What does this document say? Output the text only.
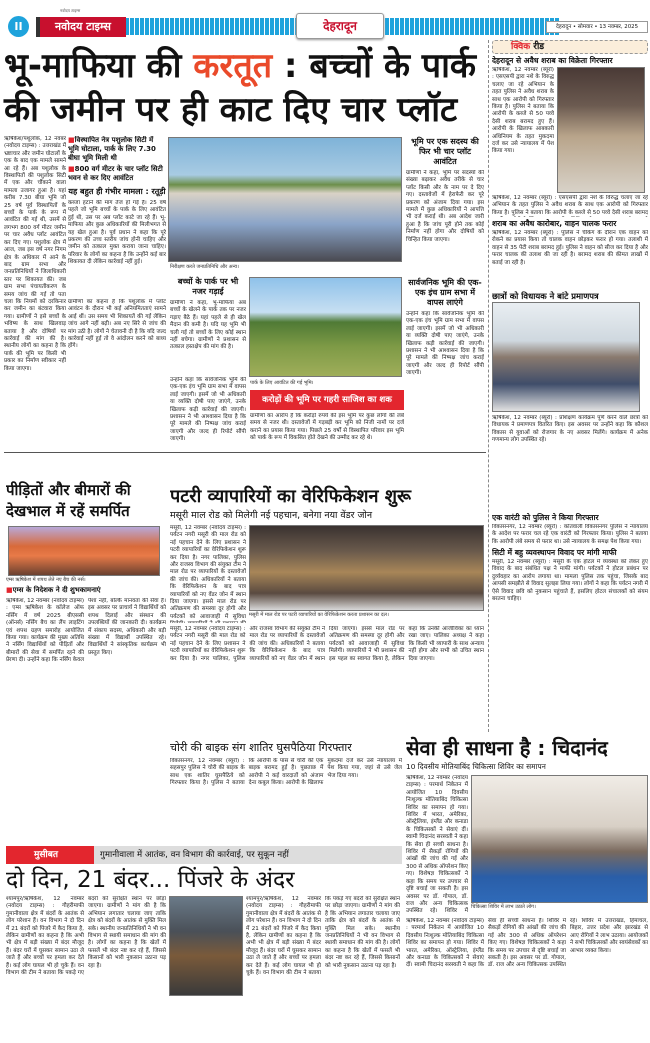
II
नवोदय टाइम्स
नवोदय टाइम्स	देहरादून	देहरादून • सोमवार • 13 नवम्बर, 2025
भू-माफिया की करतूत : बच्चों के पार्क
की जमीन पर ही काट दिए चार प्लॉट
ऋषिकेश/पशुलोक, 12 नवंबर (नवोदय टाइम्स) : उत्तराखंड में भ्रष्टाचार और जमीन घोटालों के एक के बाद एक मामले सामने आ रहे हैं। अब पशुलोक के विस्थापितों की पशुलोक सिटी में एक और चौंकाने वाला मामला उजागर हुआ है। यहां करीब 7.30 बीघा भूमि जो 25 वर्ष पूर्व विस्थापितों के बच्चों के पार्क के रूप में आवंटित की गई थी, उसमें से लगभग 800 वर्ग मीटर जमीन पर चार अवैध प्लॉट आवंटित कर दिए गए। पशुलोक क्षेत्र में आज, जब इस वर्ष नगर निगम क्षेत्र के अधिकार में आने के बाद ग्राम सभा और जनप्रतिनिधियों ने जिलाधिकारी स्तर पर शिकायत की। जब ग्राम सभा पंचायतीकरण के समय जांच की गई तो पता चला कि नियमों को दरकिनार कर जमीन का बंटवारा किया गया। ग्रामीणों ने इसे बच्चों के भविष्य के साथ खिलवाड़ बताया है और दोषियों पर कार्रवाई की मांग की है। स्थानीय लोगों का कहना है कि पार्क की भूमि पर किसी भी प्रकार का निर्माण स्वीकार नहीं किया जाएगा।
■विस्थापित नेत्र पशुलोक सिटी में भूमि घोटाला, पार्क के लिए 7.30 बीघा भूमि मिली थी
■800 वर्ग मीटर के चार प्लॉट सिटी भवन से कर दिए आवंटित
यह बहुत ही गंभीर मामला : रतूड़ी
कब्जा हटाने की मांग तेज हो गई है। 25 वर्ष पहले जो भूमि बच्चों के पार्क के लिए आवंटित हुई थी, उस पर अब प्लॉट काटे जा रहे हैं। भू-माफिया और कुछ अधिकारियों की मिलीभगत से यह खेल हुआ है। पूर्व प्रधान ने कहा कि पूरे प्रकरण की उच्च स्तरीय जांच होनी चाहिए और जमीन को तत्काल मुक्त कराया जाना चाहिए। परिवार के लोगों का कहना है कि उन्होंने कई बार शिकायत दी लेकिन कार्रवाई नहीं हुई।
ग्रामीणों का कहना है कि पशुलोक में प्लॉट आवंटन के दौरान भी कई अनियमितताएं सामने आई थीं। उस समय भी शिकायतें की गईं लेकिन जांच आगे नहीं बढ़ी। अब नए सिरे से जांच की मांग उठी है। लोगों ने चेतावनी दी है कि यदि जल्द कार्रवाई नहीं हुई तो वे आंदोलन करने को बाध्य होंगे।
निरीक्षण करते जनप्रतिनिधि और अन्य।
बच्चों के पार्क पर भी नजर गड़ाई
ग्रामीणों ने कहा, भू-माफिया अब बच्चों के खेलने के पार्क तक पर नजर गड़ाए बैठे हैं। यहां पहले से ही खेल मैदान की कमी है। यदि यह भूमि भी चली गई तो बच्चों के लिए कोई स्थान नहीं बचेगा। ग्रामीणों ने प्रशासन से तत्काल हस्तक्षेप की मांग की है।
उन्होंने कहा कि सार्वजनिक भूमि की एक-एक इंच भूमि ग्राम सभा में वापस लाई जाएगी। इसमें जो भी अधिकारी या व्यक्ति दोषी पाए जाएंगे, उनके खिलाफ कड़ी कार्रवाई की जाएगी। प्रशासन ने भी आश्वासन दिया है कि पूरे मामले की निष्पक्ष जांच कराई जाएगी और जल्द ही रिपोर्ट सौंपी जाएगी।
पार्क के लिए आवंटित की गई भूमि।
करोड़ों की भूमि पर गहरी साजिश का शक
ग्रामीणों का आरोप है कि करोड़ों रुपये की इस भूमि पर कुछ लोगों की लंबे समय से नजर थी। दस्तावेजों में गड़बड़ी कर भूमि को निजी नामों पर दर्ज कराने का प्रयास किया गया। पिछले 25 वर्षों से विस्थापित परिवार इस भूमि को पार्क के रूप में विकसित होते देखने की उम्मीद कर रहे थे।
भूमि पर एक सदस्य की फिर भी चार प्लॉट आवंटित
ग्रामीणों ने कहा, भूमि पर सदस्यों की संख्या बढ़ाकर अवैध तरीके से चार प्लॉट किसी और के नाम पर दे दिए गए। दस्तावेजों में हेराफेरी कर पूरे प्रकरण को अंजाम दिया गया। इस मामले में कुछ अधिकारियों ने आपत्ति भी दर्ज कराई थी। अब आदेश जारी हुआ है कि जांच पूरी होने तक कोई निर्माण नहीं होगा और दोषियों को चिन्हित किया जाएगा।
सार्वजनिक भूमि की एक-एक इंच ग्राम सभा में वापस लाएंगे
उन्होंने कहा कि सार्वजनिक भूमि की एक-एक इंच भूमि ग्राम सभा में वापस लाई जाएगी। इसमें जो भी अधिकारी या व्यक्ति दोषी पाए जाएंगे, उनके खिलाफ कड़ी कार्रवाई की जाएगी। प्रशासन ने भी आश्वासन दिया है कि पूरे मामले की निष्पक्ष जांच कराई जाएगी और जल्द ही रिपोर्ट सौंपी जाएगी।
क्विक रीड
देहरादून से अवैध शराब का विक्रेता गिरफ्तार
ऋषिकेश, 12 नवम्बर (ब्यूरो) : एसएसपी द्वारा नशे के विरुद्ध चलाए जा रहे अभियान के तहत पुलिस ने अवैध शराब के साथ एक आरोपी को गिरफ्तार किया है। पुलिस ने बताया कि आरोपी के कब्जे से 50 पव्वे देसी शराब बरामद हुए हैं। आरोपी के खिलाफ आबकारी अधिनियम के तहत मुकदमा दर्ज कर उसे न्यायालय में पेश किया गया।
ऋषिकेश, 12 नवम्बर (ब्यूरो) : एसएसपी द्वारा नशे के विरुद्ध चलाए जा रहे अभियान के तहत पुलिस ने अवैध शराब के साथ एक आरोपी को गिरफ्तार किया है। पुलिस ने बताया कि आरोपी के कब्जे से 50 पव्वे देसी शराब बरामद
शराब का अवैध कारोबार, वाहन चालक फरार
ऋषिकेश, 12 नवम्बर (ब्यूरो) : पुलिस ने चेकिंग के दौरान एक वाहन को रोकने का प्रयास किया तो चालक वाहन छोड़कर फरार हो गया। तलाशी में वाहन से 35 पेटी शराब बरामद हुई। पुलिस ने वाहन को सीज कर दिया है और फरार चालक की तलाश की जा रही है। बरामद शराब की कीमत लाखों में बताई जा रही है।
छात्रों को विधायक ने बांटे प्रमाणपत्र
ऋषिकेश, 12 नवम्बर (ब्यूरो) : प्रशिक्षण कार्यक्रम पूर्ण करने वाले छात्रों को विधायक ने प्रमाणपत्र वितरित किए। इस अवसर पर उन्होंने कहा कि कौशल विकास से युवाओं को रोजगार के नए अवसर मिलेंगे। कार्यक्रम में अनेक गणमान्य लोग उपस्थित रहे।
एक वारंटी को पुलिस ने किया गिरफ्तार
विकासनगर, 12 नवम्बर (ब्यूरो) : कोतवाली विकासनगर पुलिस ने न्यायालय के आदेश पर फरार चल रहे एक वारंटी को गिरफ्तार किया। पुलिस ने बताया कि आरोपी लंबे समय से फरार था। उसे न्यायालय के समक्ष पेश किया गया।
सिटी में बहु व्यवस्थापन विवाद पर मांगी माफी
मसूरी, 12 नवम्बर (ब्यूरो) : मसूरी के एक होटल में व्यवस्था को लेकर हुए विवाद के बाद संबंधित पक्ष ने माफी मांगी। पर्यटकों ने होटल प्रबंधन पर दुर्व्यवहार का आरोप लगाया था। मामला पुलिस तक पहुंचा, जिसके बाद आपसी समझौते से विवाद सुलझा लिया गया। लोगों ने कहा कि पर्यटन नगरी में ऐसे विवाद छवि को नुकसान पहुंचाते हैं, इसलिए होटल संचालकों को संयम बरतना चाहिए।
पीड़ितों और बीमारों की
देखभाल में रहें समर्पित
एम्स ऋषिकेश में शपथ लेते नए बैच की नर्स।
■एम्स के निदेशक ने दी शुभकामनाएं
ऋषिकेश, 12 नवम्बर (नवोदय टाइम्स) : एम्स ऋषिकेश के कॉलेज ऑफ नर्सिंग में वर्ष 2025 बीएससी (ऑनर्स) नर्सिंग बैच का लैंप लाइटिंग एवं शपथ ग्रहण समारोह आयोजित किया गया। कार्यक्रम की मुख्य अतिथि ने नर्सिंग विद्यार्थियों को पीड़ितों और बीमारों की सेवा में समर्पित रहने की प्रेरणा दी। उन्होंने कहा कि नर्सिंग केवल पेशा नहीं, बल्कि मानवता की सेवा है। इस अवसर पर प्राचार्य ने विद्यार्थियों को शपथ दिलाई और संस्थान की उपलब्धियों की जानकारी दी। कार्यक्रम में संकाय सदस्य, अधिकारी और बड़ी संख्या में विद्यार्थी उपस्थित रहे। विद्यार्थियों ने सांस्कृतिक कार्यक्रम भी प्रस्तुत किए।
पटरी व्यापारियों का वेरिफिकेशन शुरू
मसूरी माल रोड को मिलेगी नई पहचान, बनेगा नया वेंडर जोन
मसूरी, 12 नवम्बर (नवोदय टाइम्स) : पर्यटन नगरी मसूरी की माल रोड को नई पहचान देने के लिए प्रशासन ने पटरी व्यापारियों का वेरिफिकेशन शुरू कर दिया है। नगर पालिका, पुलिस और राजस्व विभाग की संयुक्त टीम ने माल रोड पर व्यापारियों के दस्तावेजों की जांच की। अधिकारियों ने बताया कि वेरिफिकेशन के बाद पात्र व्यापारियों को नए वेंडर जोन में स्थान दिया जाएगा। इससे माल रोड पर अतिक्रमण की समस्या दूर होगी और पर्यटकों को आवाजाही में सुविधा मसूरी में माल रोड पर पटरी व्यापारियों का वेरिफिकेशन करता प्रशासन का दल।
मसूरी, 12 नवम्बर (नवोदय टाइम्स) : पर्यटन नगरी मसूरी की माल रोड को नई पहचान देने के लिए प्रशासन ने पटरी व्यापारियों का वेरिफिकेशन शुरू कर दिया है। नगर पालिका, पुलिस और राजस्व विभाग की संयुक्त टीम ने माल रोड पर व्यापारियों के दस्तावेजों की जांच की। अधिकारियों ने बताया कि वेरिफिकेशन के बाद पात्र व्यापारियों को नए वेंडर जोन में स्थान दिया जाएगा। इससे माल रोड पर अतिक्रमण की समस्या दूर होगी और पर्यटकों को आवाजाही में सुविधा मिलेगी। व्यापारियों ने भी प्रशासन की इस पहल का स्वागत किया है, लेकिन कहा कि उनकी आजीविका का ध्यान रखा जाए। पालिका अध्यक्ष ने कहा कि किसी भी व्यापारी के साथ अन्याय नहीं होगा और सभी को उचित स्थान दिया जाएगा।
चोरी की बाइक संग शातिर घुसपैठिया गिरफ्तार
विकासनगर, 12 नवम्बर (ब्यूरो) : सहसपुर पुलिस ने चोरी की बाइक के साथ एक शातिर घुसपैठिये को गिरफ्तार किया है। पुलिस ने बताया कि आरोपी के पास से चोरी की एक बाइक बरामद हुई है। पूछताछ में आरोपी ने कई वारदातों को अंजाम देना कबूल किया। आरोपी के खिलाफ मुकदमा दर्ज कर उसे न्यायालय में पेश किया गया, जहां से उसे जेल भेज दिया गया।
सेवा ही साधना है : चिदानंद
10 दिवसीय मोतियाबिंद चिकित्सा शिविर का समापन
ऋषिकेश, 12 नवम्बर (नवोदय टाइम्स) : परमार्थ निकेतन में आयोजित 10 दिवसीय निःशुल्क मोतियाबिंद चिकित्सा शिविर का समापन हो गया। शिविर में भारत, अमेरिका, ऑस्ट्रेलिया, इंग्लैंड और कनाडा के चिकित्सकों ने सेवाएं दीं। स्वामी चिदानंद सरस्वती ने कहा कि सेवा ही सच्ची साधना है। शिविर में सैकड़ों रोगियों की आंखों की जांच की गई और 300 से अधिक ऑपरेशन किए गए। विशेषज्ञ चिकित्सकों ने कहा कि समय पर उपचार से दृष्टि बचाई जा सकती है। इस अवसर पर डॉ. गोपाल, डॉ. राज और अन्य चिकित्सक उपस्थित रहे। शिविर में
चिकित्सा शिविर में लाभ उठाते लोग।
ऋषिकेश, 12 नवम्बर (नवोदय टाइम्स) : परमार्थ निकेतन में आयोजित 10 दिवसीय निःशुल्क मोतियाबिंद चिकित्सा शिविर का समापन हो गया। शिविर में भारत, अमेरिका, ऑस्ट्रेलिया, इंग्लैंड और कनाडा के चिकित्सकों ने सेवाएं दीं। स्वामी चिदानंद सरस्वती ने कहा कि सेवा ही सच्ची साधना है। शिविर में सैकड़ों रोगियों की आंखों की जांच की गई और 300 से अधिक ऑपरेशन किए गए। विशेषज्ञ चिकित्सकों ने कहा कि समय पर उपचार से दृष्टि बचाई जा सकती है। इस अवसर पर डॉ. गोपाल, डॉ. राज और अन्य चिकित्सक उपस्थित रहे। शिविर में उत्तराखंड, हिमाचल, बिहार, उत्तर प्रदेश और झारखंड से आए रोगियों ने लाभ उठाया। आयोजकों ने सभी चिकित्सकों और स्वयंसेवकों का आभार व्यक्त किया।
मुसीबत	गुमानीवाला में आतंक, वन विभाग की कार्रवाई, पर सुकून नहीं
दो दिन, 21 बंदर... पिंजरे के अंदर
श्यामपुर/ऋषिकेश, 12 नवम्बर (नवोदय टाइम्स) : गौहरीमाफी गुमानीवाला क्षेत्र में बंदरों के आतंक से लोग परेशान हैं। वन विभाग ने दो दिन में 21 बंदरों को पिंजरे में कैद किया है, लेकिन ग्रामीणों का कहना है कि अभी भी क्षेत्र में बड़ी संख्या में बंदर मौजूद हैं। बंदर घरों में घुसकर सामान उठा ले जाते हैं और बच्चों पर हमला कर देते हैं। कई लोग घायल भी हो चुके हैं। वन विभाग की टीम ने बताया कि पकड़े गए बंदरों को सुरक्षित स्थान पर छोड़ा जाएगा। ग्रामीणों ने मांग की है कि अभियान लगातार चलाया जाए ताकि क्षेत्र को बंदरों के आतंक से मुक्ति मिल सके। स्थानीय जनप्रतिनिधियों ने भी वन विभाग से स्थायी समाधान की मांग की है। लोगों का कहना है कि खेतों में फसलें भी बंदर नष्ट कर रहे हैं, जिससे किसानों को भारी नुकसान उठाना पड़ रहा है।
श्यामपुर/ऋषिकेश, 12 नवम्बर (नवोदय टाइम्स) : गौहरीमाफी गुमानीवाला क्षेत्र में बंदरों के आतंक से लोग परेशान हैं। वन विभाग ने दो दिन में 21 बंदरों को पिंजरे में कैद किया है, लेकिन ग्रामीणों का कहना है कि अभी भी क्षेत्र में बड़ी संख्या में बंदर मौजूद हैं। बंदर घरों में घुसकर सामान उठा ले जाते हैं और बच्चों पर हमला कर देते हैं। कई लोग घायल भी हो चुके हैं। वन विभाग की टीम ने बताया कि पकड़े गए बंदरों को सुरक्षित स्थान पर छोड़ा जाएगा। ग्रामीणों ने मांग की है कि अभियान लगातार चलाया जाए ताकि क्षेत्र को बंदरों के आतंक से मुक्ति मिल सके। स्थानीय जनप्रतिनिधियों ने भी वन विभाग से स्थायी समाधान की मांग की है। लोगों का कहना है कि खेतों में फसलें भी बंदर नष्ट कर रहे हैं, जिससे किसानों को भारी नुकसान उठाना पड़ रहा है।
